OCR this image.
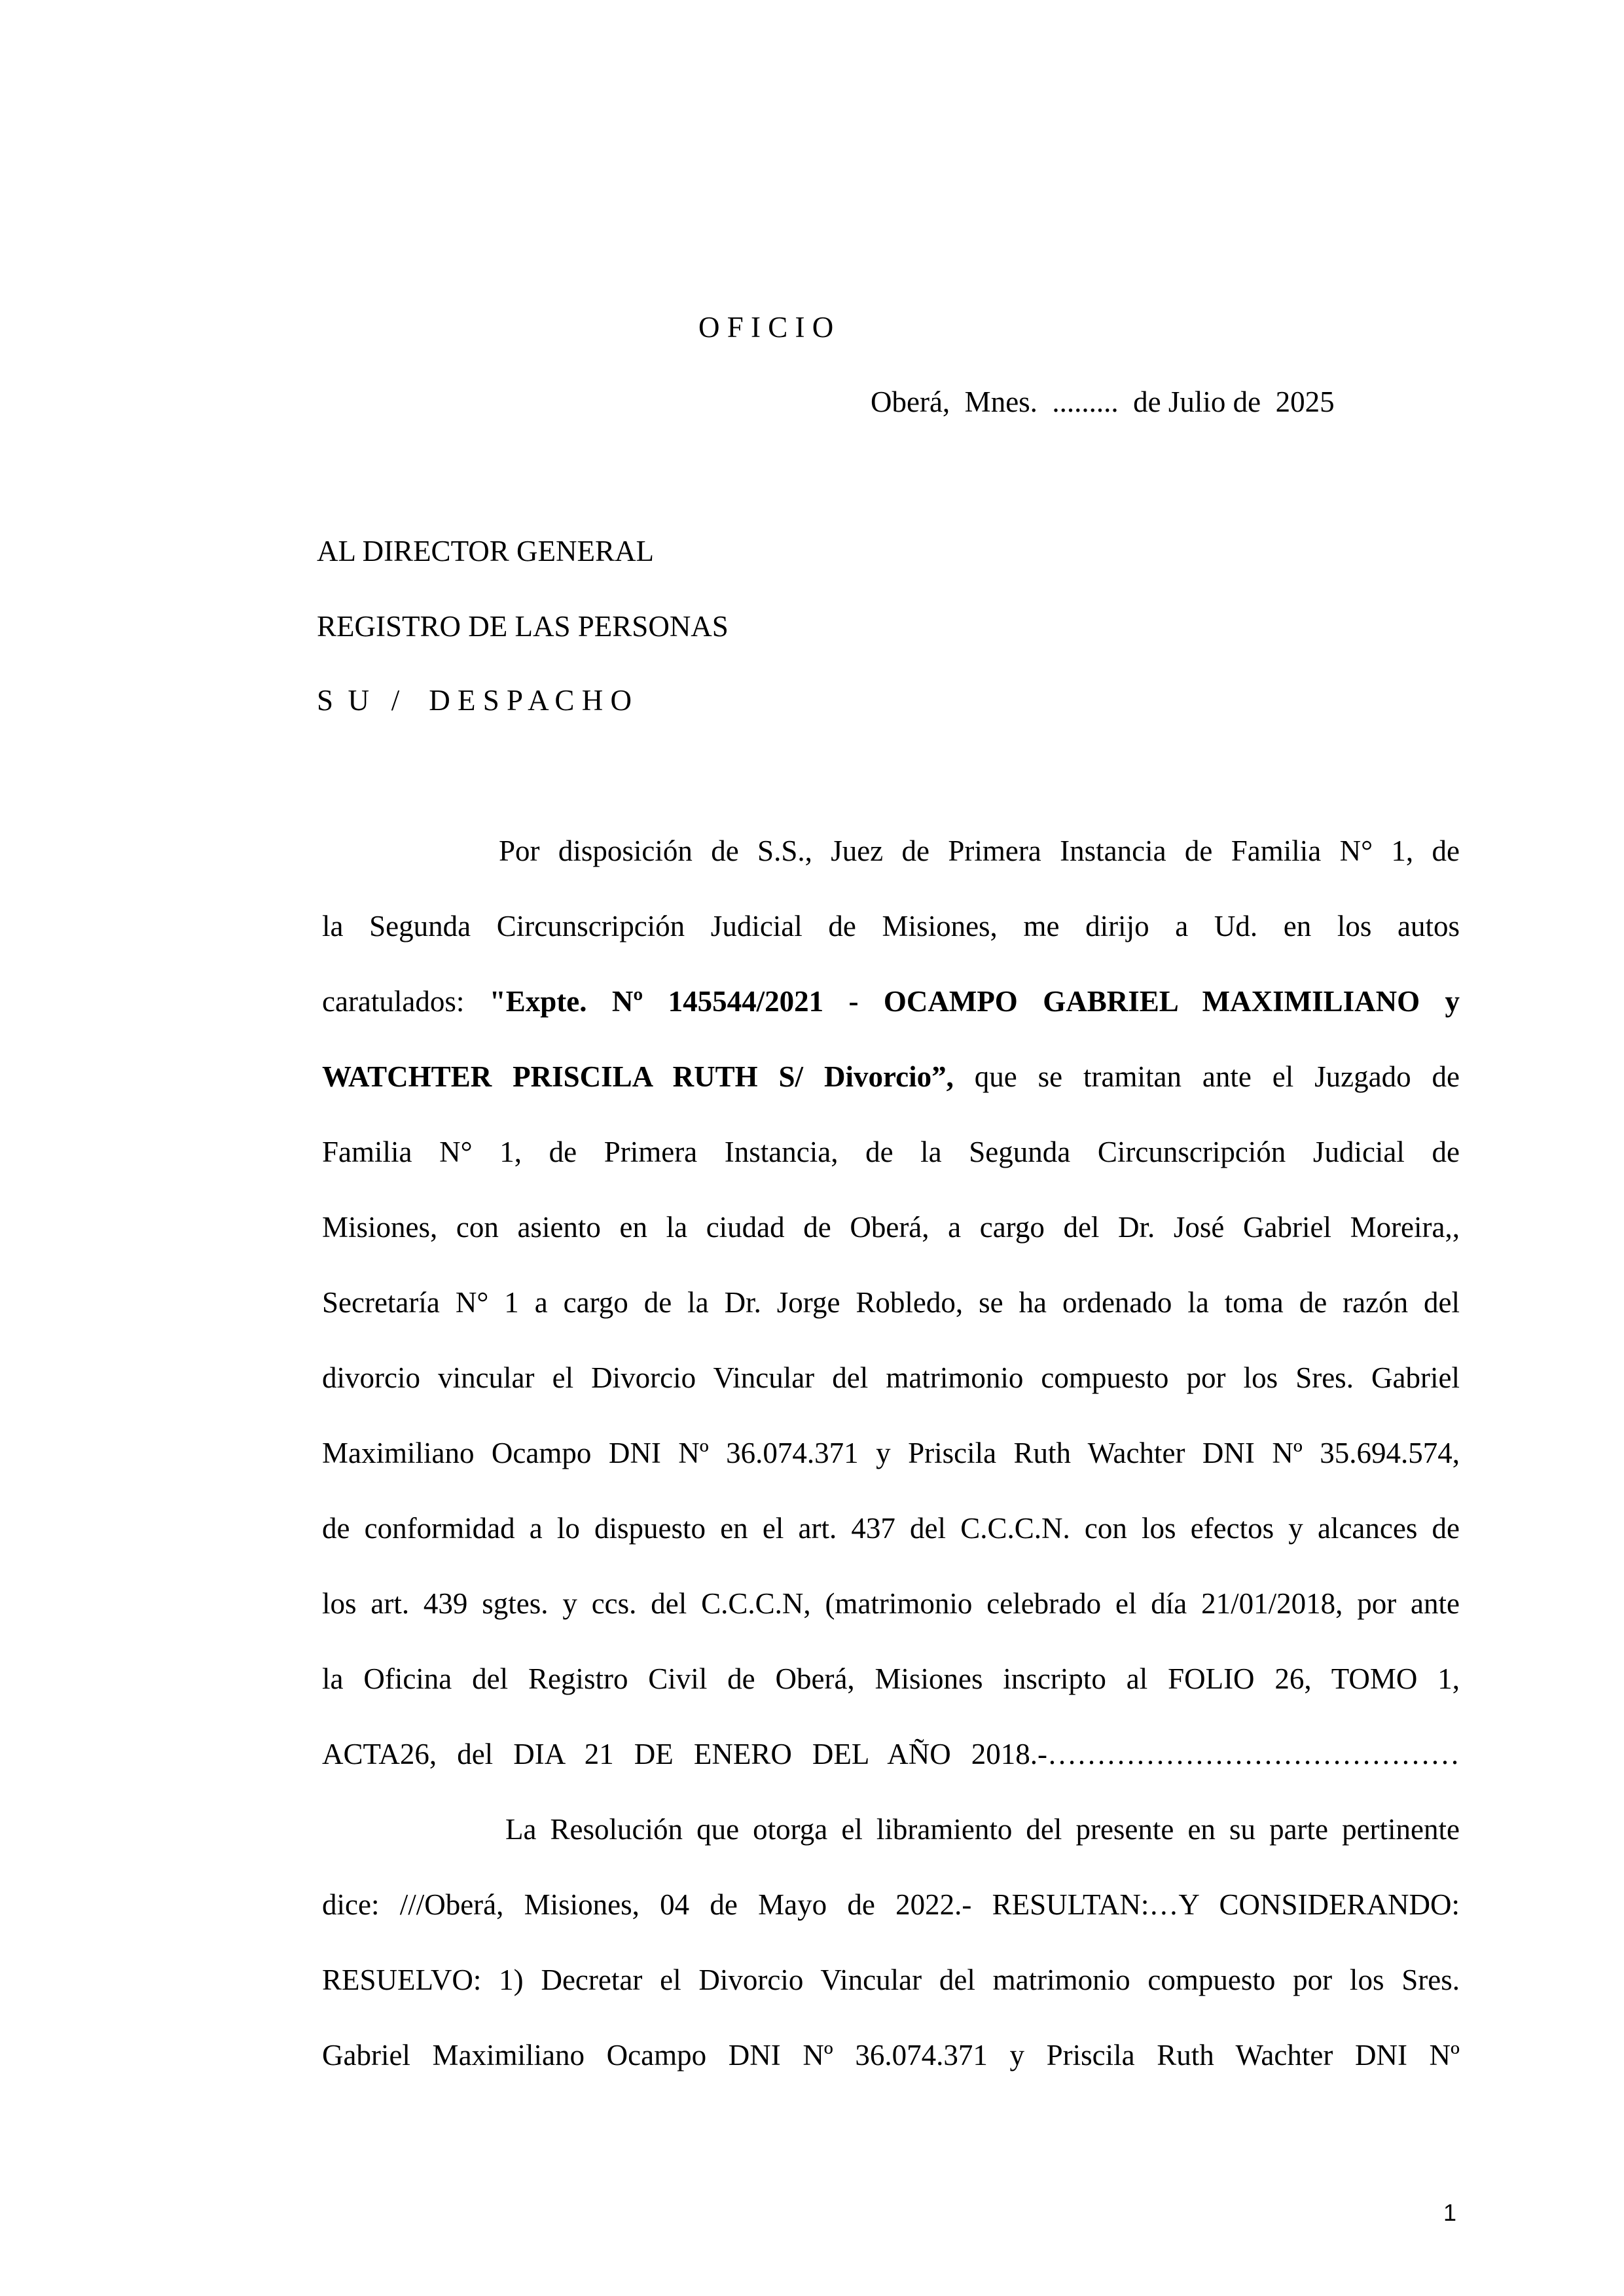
O F I C I O
Oberá,  Mnes.  .........  de Julio de  2025
AL DIRECTOR GENERAL
REGISTRO DE LAS PERSONAS
S  U   /    D E S P A C H O
Por disposición de S.S., Juez de Primera Instancia de Familia N° 1, de
la Segunda Circunscripción Judicial de Misiones, me dirijo a Ud. en los autos
caratulados: "Expte. Nº 145544/2021 - OCAMPO GABRIEL MAXIMILIANO y
WATCHTER PRISCILA RUTH S/ Divorcio”, que se tramitan ante el Juzgado de
Familia N° 1, de Primera Instancia, de la Segunda Circunscripción Judicial de
Misiones, con asiento en la ciudad de Oberá, a cargo del Dr. José Gabriel Moreira,,
Secretaría N° 1 a cargo de la Dr. Jorge Robledo, se ha ordenado la toma de razón del
divorcio vincular el Divorcio Vincular del matrimonio compuesto por los Sres. Gabriel
Maximiliano Ocampo DNI Nº 36.074.371 y Priscila Ruth Wachter DNI Nº 35.694.574,
de conformidad a lo dispuesto en el art. 437 del C.C.C.N. con los efectos y alcances de
los art. 439 sgtes. y ccs. del C.C.C.N, (matrimonio celebrado el día 21/01/2018, por ante
la Oficina del Registro Civil de Oberá, Misiones inscripto al FOLIO 26, TOMO 1,
ACTA26, del DIA 21 DE ENERO DEL AÑO 2018.-……………………………………
La Resolución que otorga el libramiento del presente en su parte pertinente
dice: ///Oberá, Misiones, 04 de Mayo de 2022.- RESULTAN:…Y CONSIDERANDO:
RESUELVO: 1) Decretar el Divorcio Vincular del matrimonio compuesto por los Sres.
Gabriel Maximiliano Ocampo DNI Nº 36.074.371 y Priscila Ruth Wachter DNI Nº
1
